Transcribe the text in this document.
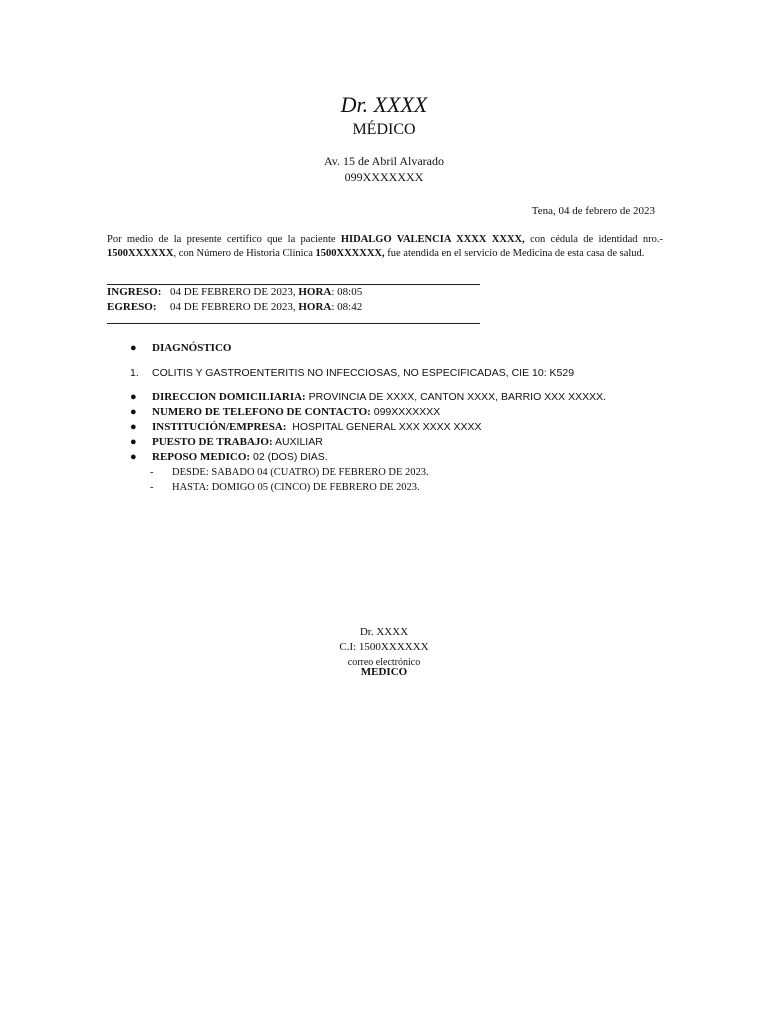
Dr. XXXX
MÉDICO
Av. 15 de Abril Alvarado
099XXXXXXX
Tena, 04 de febrero de 2023
Por medio de la presente certifico que la paciente HIDALGO VALENCIA XXXX XXXX, con cédula de identidad nro.- 1500XXXXXX, con Número de Historia Clínica 1500XXXXXX, fue atendida en el servicio de Medicina de esta casa de salud.
INGRESO: 04 DE FEBRERO DE 2023, HORA: 08:05
EGRESO: 04 DE FEBRERO DE 2023, HORA: 08:42
●	DIAGNÓSTICO
1.	COLITIS Y GASTROENTERITIS NO INFECCIOSAS, NO ESPECIFICADAS, CIE 10: K529
●	DIRECCION DOMICILIARIA: PROVINCIA DE XXXX, CANTON XXXX, BARRIO XXX XXXXX.
●	NUMERO DE TELEFONO DE CONTACTO: 099XXXXXXX
●	INSTITUCIÓN/EMPRESA:  HOSPITAL GENERAL XXX XXXX XXXX
●	PUESTO DE TRABAJO: AUXILIAR
●	REPOSO MEDICO: 02 (DOS) DIAS.
- DESDE: SABADO 04 (CUATRO) DE FEBRERO DE 2023.
- HASTA: DOMIGO 05 (CINCO) DE FEBRERO DE 2023.
Dr. XXXX
C.I: 1500XXXXXX
correo electrónico
MEDICO
